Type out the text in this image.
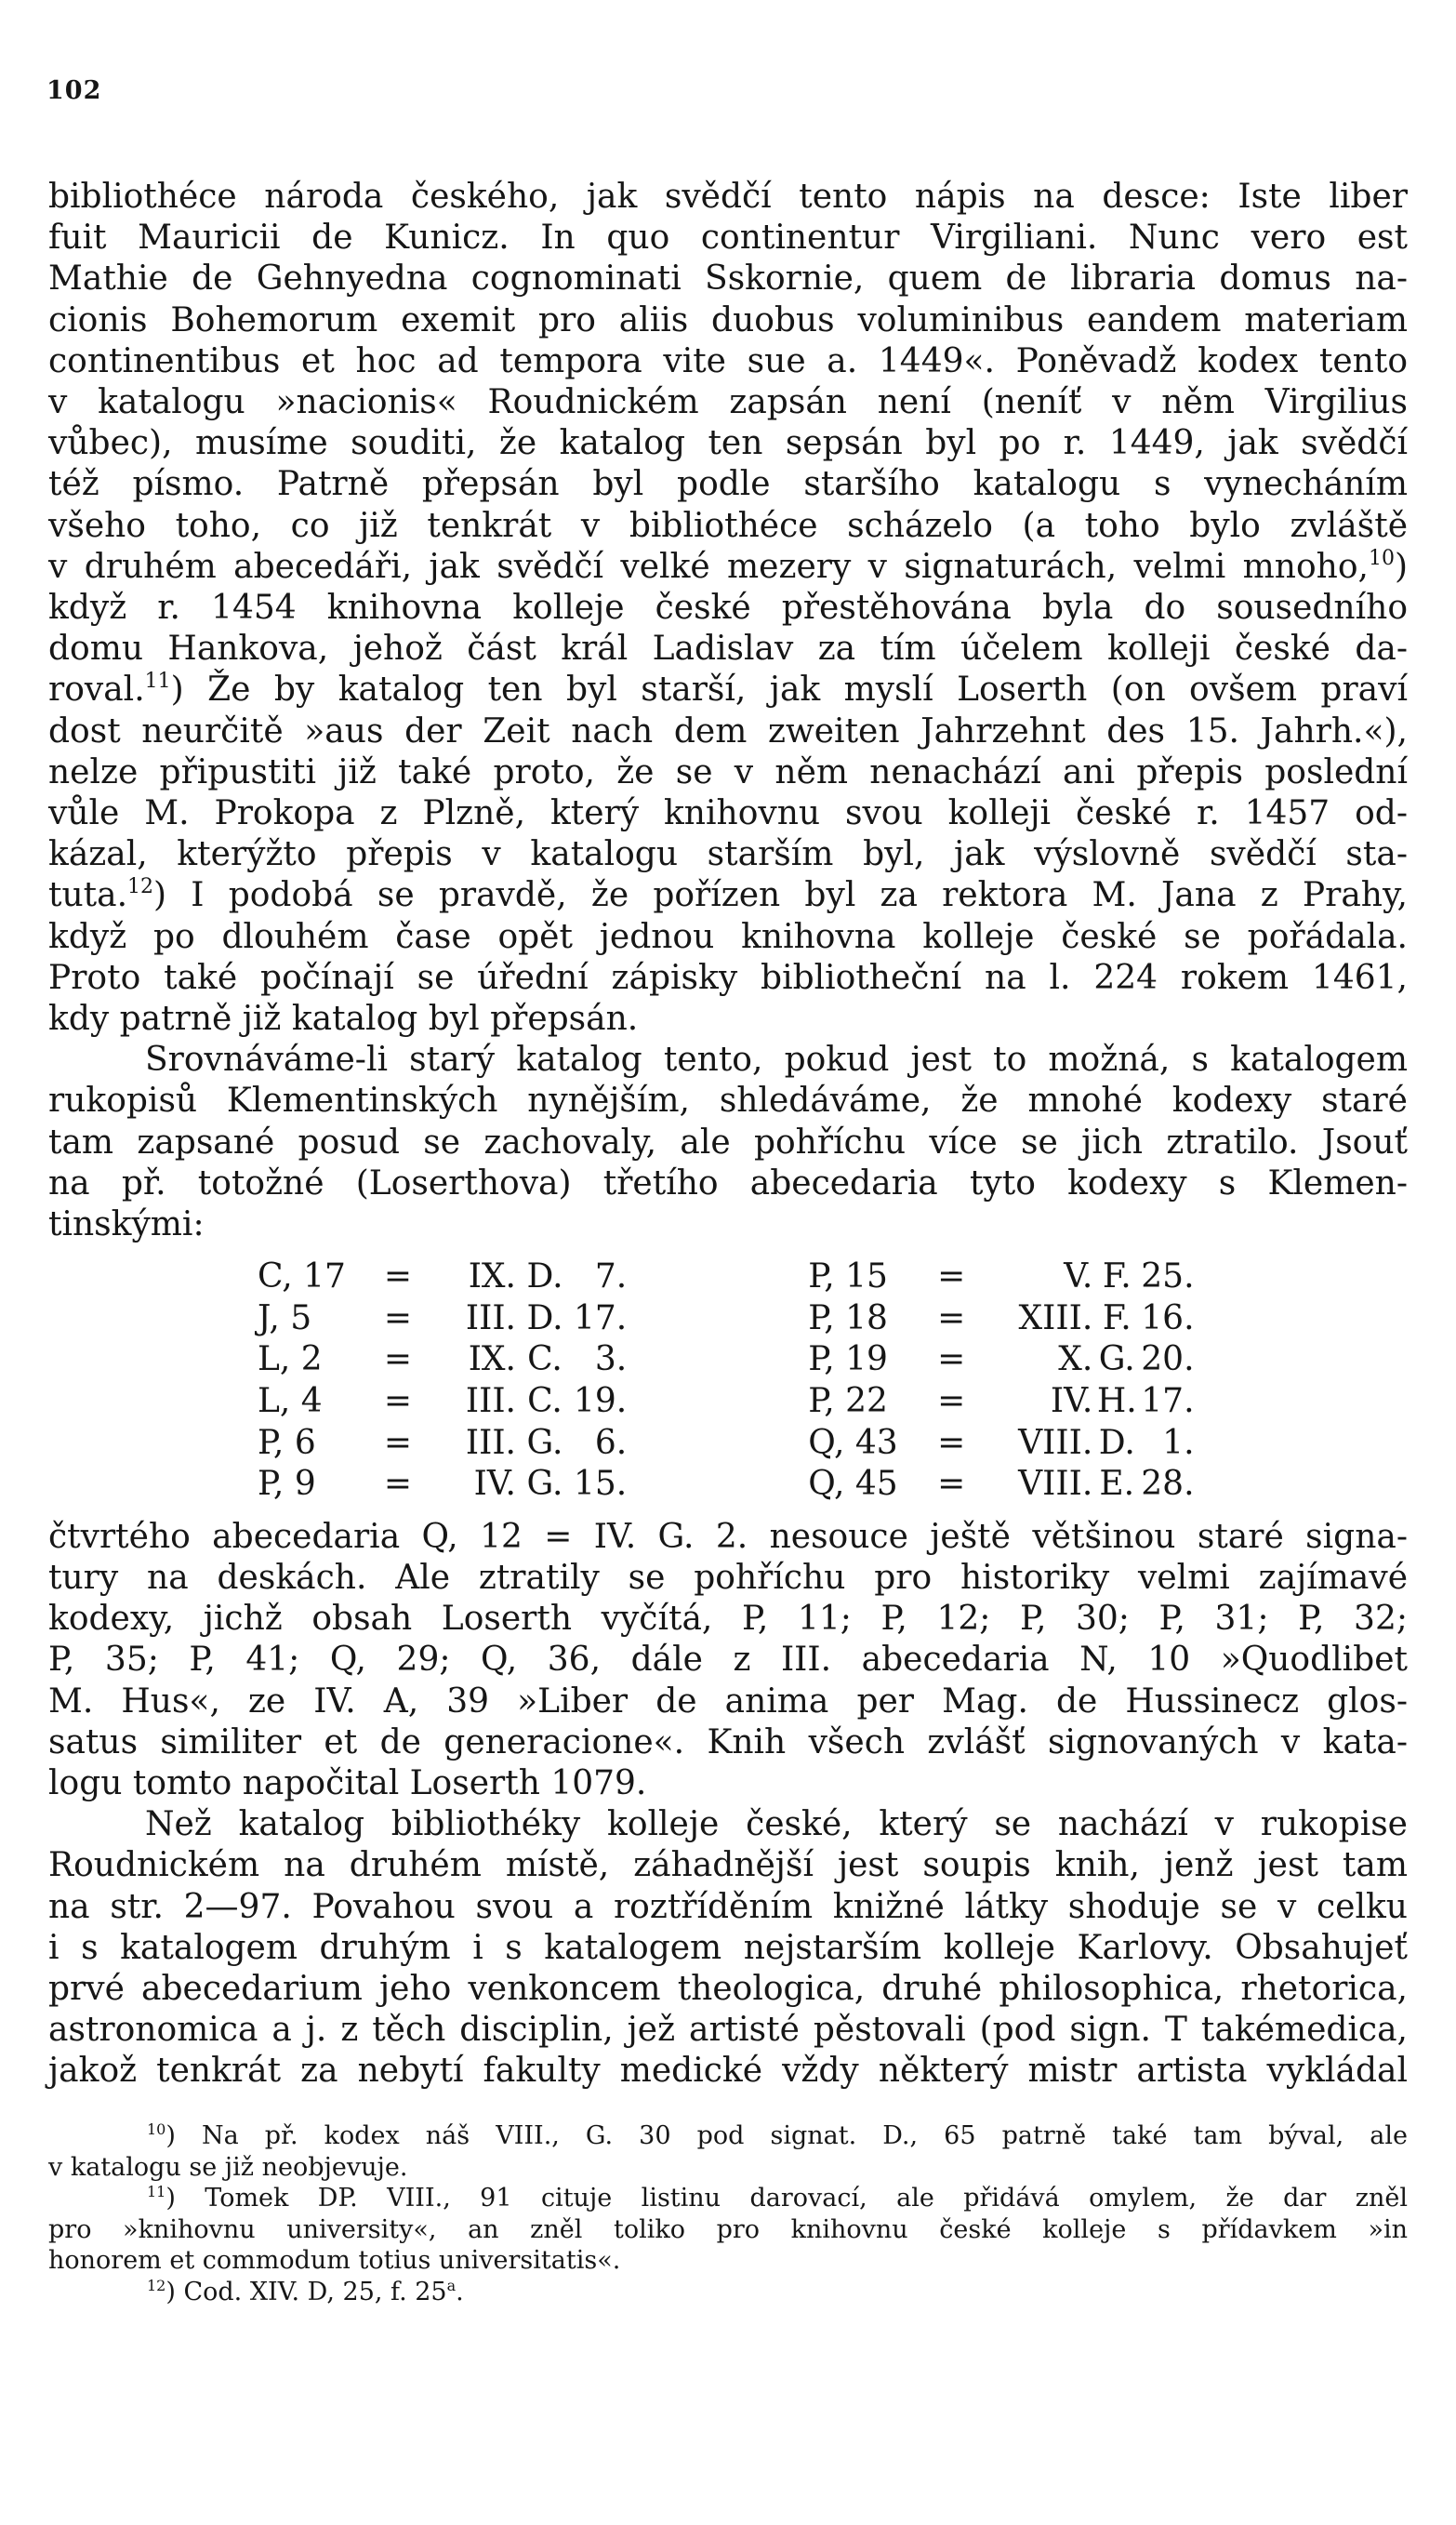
102

bibliothéce národa českého, jak svědčí tento nápis na desce: Iste liber

fuit Mauricii de Kunicz. In quo continentur Virgiliani. Nunc vero est

Mathie de Gehnyedna cognominati Sskornie, quem de libraria domus na-

cionis Bohemorum exemit pro aliis duobus voluminibus eandem materiam

continentibus et hoc ad tempora vite sue a. 1449«. Poněvadž kodex tento

v katalogu »nacionis« Roudnickém zapsán není (neníť v něm Virgilius

vůbec), musíme souditi, že katalog ten sepsán byl po r. 1449, jak svědčí

též písmo. Patrně přepsán byl podle staršího katalogu s vynecháním

všeho toho, co již tenkrát v bibliothéce scházelo (a toho bylo zvláště

v druhém abecedáři, jak svědčí velké mezery v signaturách, velmi mnoho,$^{10}$)

když r. 1454 knihovna kolleje české přestěhována byla do sousedního

domu Hankova, jehož část král Ladislav za tím účelem kolleji české da-

roval.$^{11}$) Že by katalog ten byl starší, jak myslí Loserth (on ovšem praví

dost neurčitě »aus der Zeit nach dem zweiten Jahrzehnt des 15. Jahrh.«),

nelze připustiti již také proto, že se v něm nenachází ani přepis poslední

vůle M. Prokopa z Plzně, který knihovnu svou kolleji české r. 1457 od-

kázal, kterýžto přepis v katalogu starším byl, jak výslovně svědčí sta-

tuta.$^{12}$) I podobá se pravdě, že pořízen byl za rektora M. Jana z Prahy,

když po dlouhém čase opět jednou knihovna kolleje české se pořádala.

Proto také počínají se úřední zápisky bibliotheční na l. 224 rokem 1461,

kdy patrně již katalog byl přepsán.

Srovnáváme-li starý katalog tento, pokud jest to možná, s katalogem

rukopisů Klementinských nynějším, shledáváme, že mnohé kodexy staré

tam zapsané posud se zachovaly, ale pohříchu více se jich ztratilo. Jsouť

na př. totožné (Loserthova) třetího abecedaria tyto kodexy s Klemen-

tinskými:

C, 17	=	IX.	D.	7.		P, 15	=	V.	F.	25.
J, 5	=	III.	D.	17.		P, 18	=	XIII.	F.	16.
L, 2	=	IX.	C.	3.		P, 19	=	X.	G.	20.
L, 4	=	III.	C.	19.		P, 22	=	IV.	H.	17.
P, 6	=	III.	G.	6.		Q, 43	=	VIII.	D.	1.
P, 9	=	IV.	G.	15.		Q, 45	=	VIII.	E.	28.

čtvrtého abecedaria Q, 12 = IV. G. 2. nesouce ještě většinou staré signa-

tury na deskách. Ale ztratily se pohříchu pro historiky velmi zajímavé

kodexy, jichž obsah Loserth vyčítá, P, 11; P, 12; P, 30; P, 31; P, 32;

P, 35; P, 41; Q, 29; Q, 36, dále z III. abecedaria N, 10 »Quodlibet

M. Hus«, ze IV. A, 39 »Liber de anima per Mag. de Hussinecz glos-

satus similiter et de generacione«. Knih všech zvlášť signovaných v kata-

logu tomto napočital Loserth 1079.

Než katalog bibliothéky kolleje české, který se nachází v rukopise

Roudnickém na druhém místě, záhadnější jest soupis knih, jenž jest tam

na str. 2—97. Povahou svou a roztříděním knižné látky shoduje se v celku

i s katalogem druhým i s katalogem nejstarším kolleje Karlovy. Obsahujeť

prvé abecedarium jeho venkoncem theologica, druhé philosophica, rhetorica,

astronomica a j. z těch disciplin, jež artisté pěstovali (pod sign. T takémedica,

jakož tenkrát za nebytí fakulty medické vždy některý mistr artista vykládal

$^{10}$) Na př. kodex náš VIII., G. 30 pod signat. D., 65 patrně také tam býval, ale

v katalogu se již neobjevuje.

$^{11}$) Tomek DP. VIII., 91 cituje listinu darovací, ale přidává omylem, že dar zněl

pro »knihovnu university«, an zněl toliko pro knihovnu české kolleje s přídavkem »in

honorem et commodum totius universitatis«.

$^{12}$) Cod. XIV. D, 25, f. 25$^a$.
